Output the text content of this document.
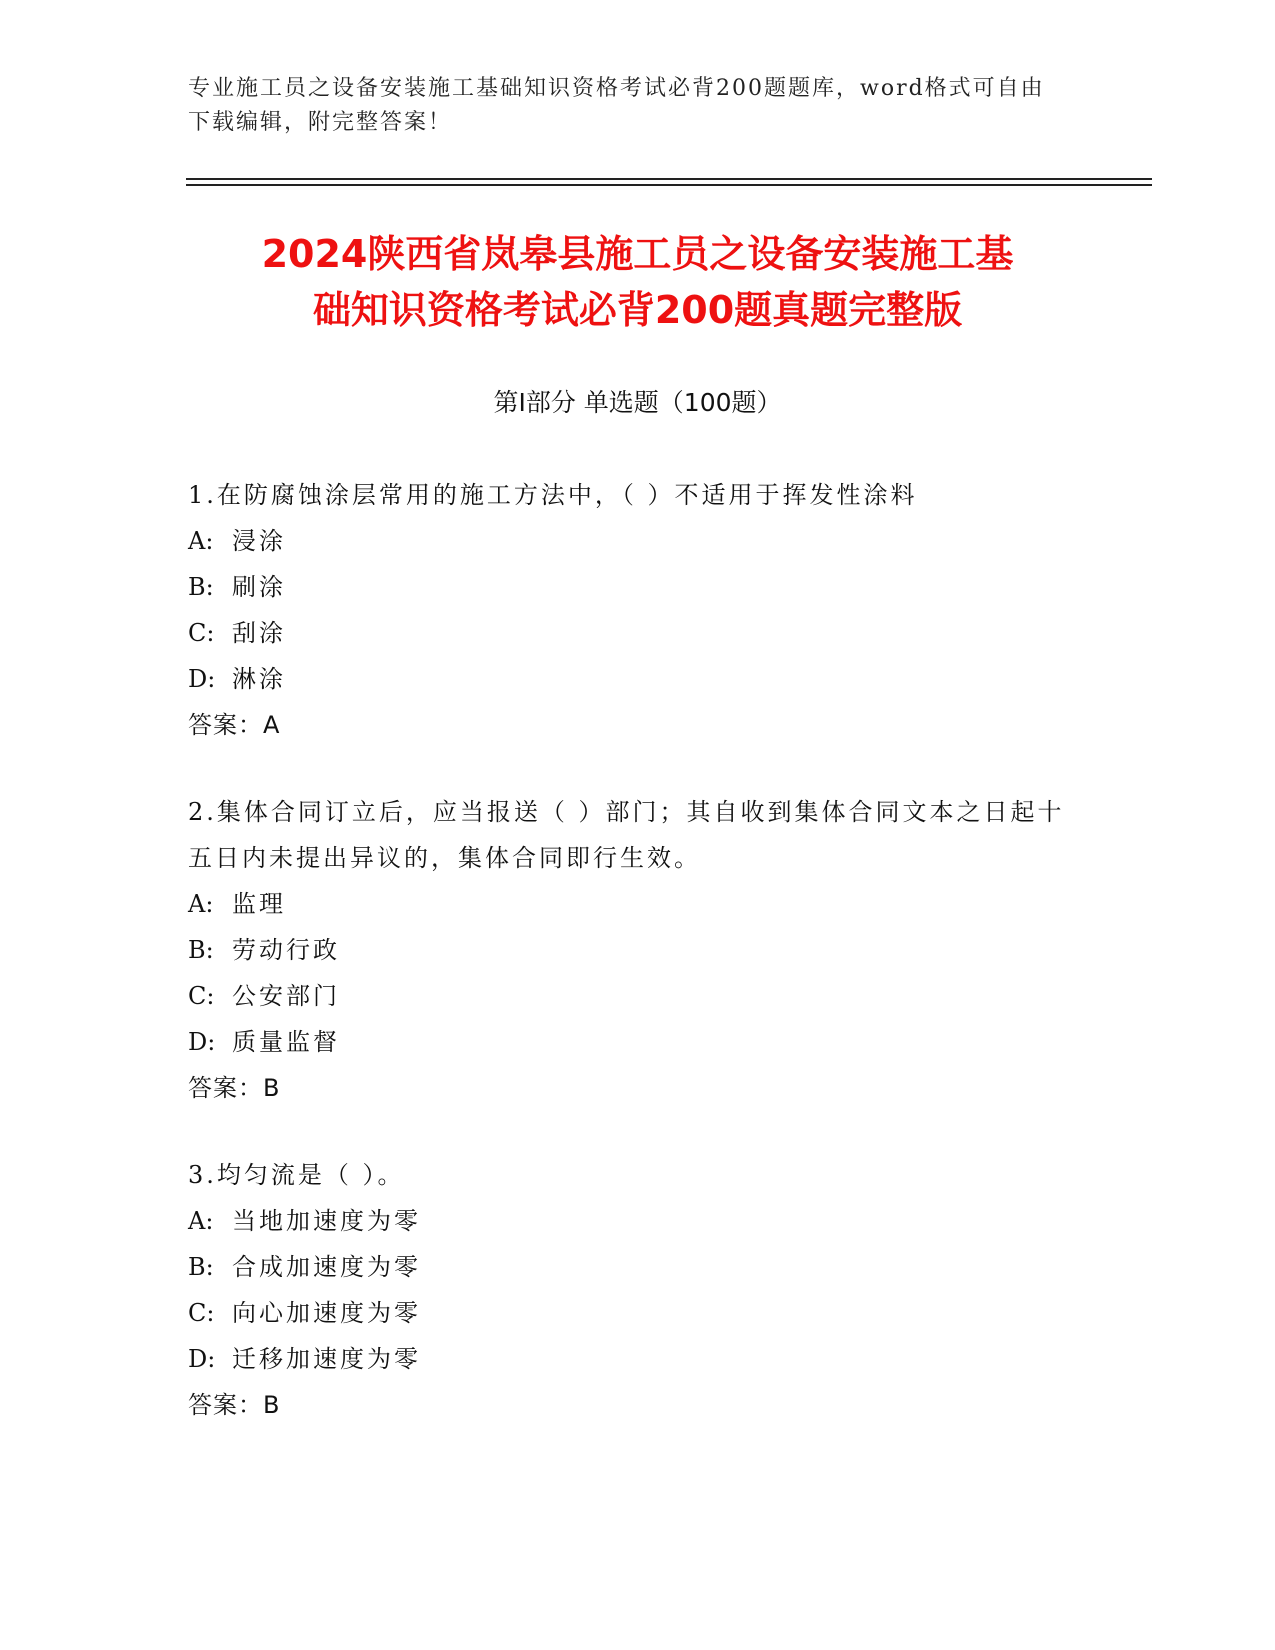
专业施工员之设备安装施工基础知识资格考试必背200题题库，word格式可自由下载编辑，附完整答案！
2024陕西省岚皋县施工员之设备安装施工基
础知识资格考试必背200题真题完整版
第I部分 单选题（100题）

1.在防腐蚀涂层常用的施工方法中，（ ）不适用于挥发性涂料

A: 浸涂

B: 刷涂

C: 刮涂

D: 淋涂

答案：A

2.集体合同订立后，应当报送（ ）部门；其自收到集体合同文本之日起十五日内未提出异议的，集体合同即行生效。

A: 监理

B: 劳动行政

C: 公安部门

D: 质量监督

答案：B

3.均匀流是（ ）。

A: 当地加速度为零

B: 合成加速度为零

C: 向心加速度为零

D: 迁移加速度为零

答案：B
